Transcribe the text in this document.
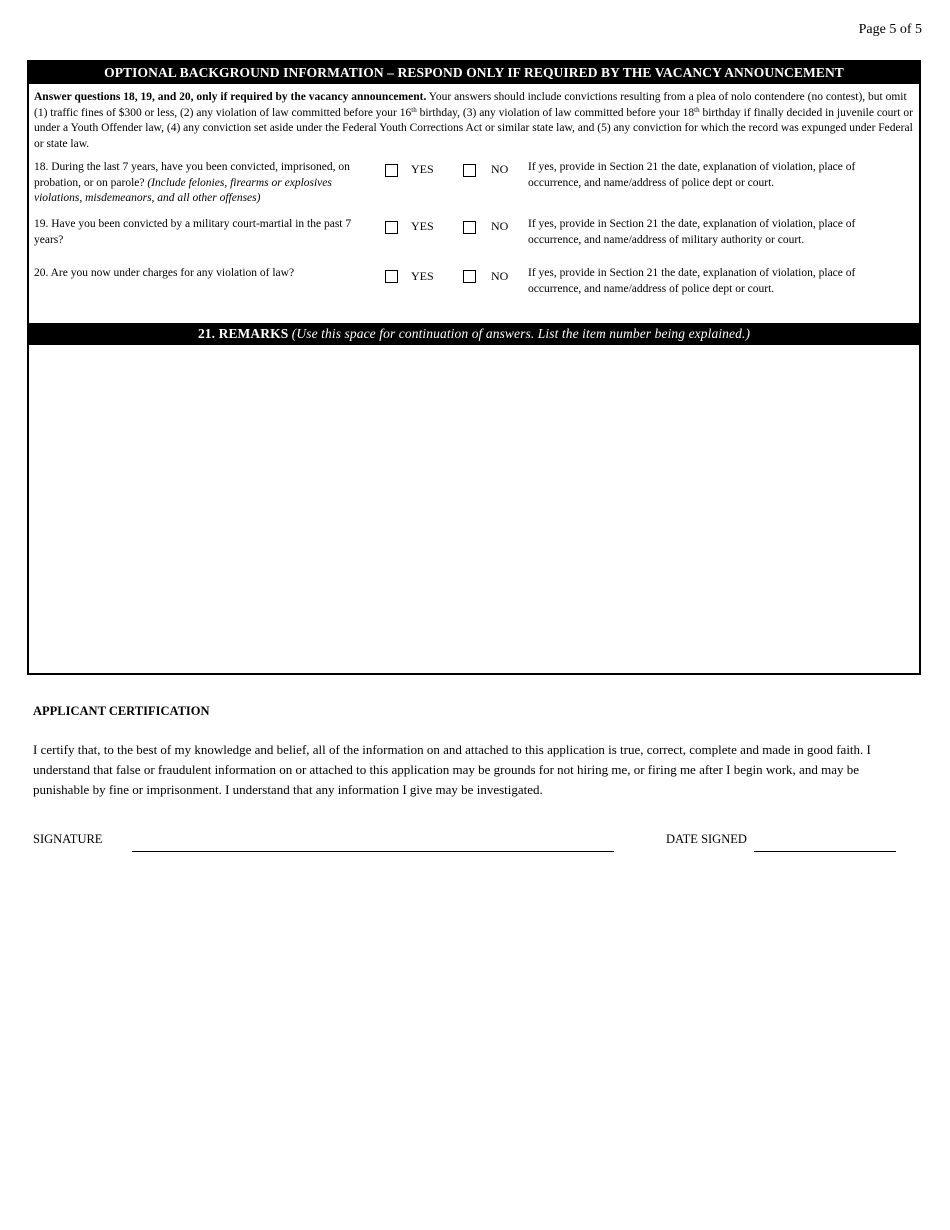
Page 5 of 5
OPTIONAL BACKGROUND INFORMATION – RESPOND ONLY IF REQUIRED BY THE VACANCY ANNOUNCEMENT
Answer questions 18, 19, and 20, only if required by the vacancy announcement. Your answers should include convictions resulting from a plea of nolo contendere (no contest), but omit (1) traffic fines of $300 or less, (2) any violation of law committed before your 16th birthday, (3) any violation of law committed before your 18th birthday if finally decided in juvenile court or under a Youth Offender law, (4) any conviction set aside under the Federal Youth Corrections Act or similar state law, and (5) any conviction for which the record was expunged under Federal or state law.
18. During the last 7 years, have you been convicted, imprisoned, on probation, or on parole? (Include felonies, firearms or explosives violations, misdemeanors, and all other offenses)
YES	NO If yes, provide in Section 21 the date, explanation of violation, place of occurrence, and name/address of police dept or court.
19. Have you been convicted by a military court-martial in the past 7 years?
YES	NO If yes, provide in Section 21 the date, explanation of violation, place of occurrence, and name/address of military authority or court.
20. Are you now under charges for any violation of law?	YES	NO If yes, provide in Section 21 the date, explanation of violation, place of occurrence, and name/address of police dept or court.
21. REMARKS (Use this space for continuation of answers. List the item number being explained.)
APPLICANT CERTIFICATION
I certify that, to the best of my knowledge and belief, all of the information on and attached to this application is true, correct, complete and made in good faith. I understand that false or fraudulent information on or attached to this application may be grounds for not hiring me, or firing me after I begin work, and may be punishable by fine or imprisonment. I understand that any information I give may be investigated.
SIGNATURE	DATE SIGNED
